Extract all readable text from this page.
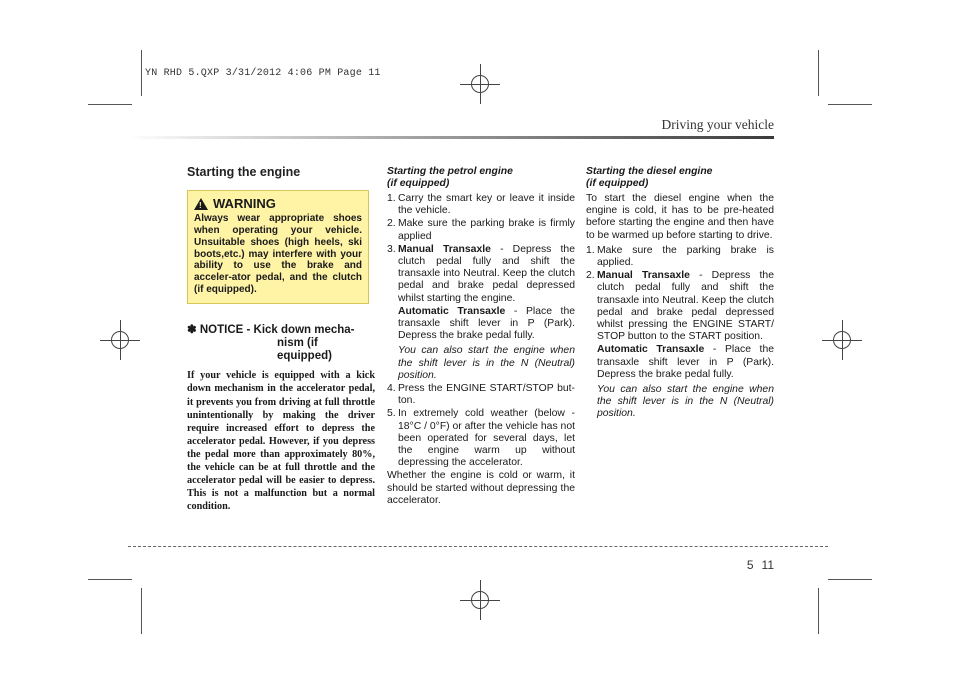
YN RHD 5.QXP 3/31/2012 4:06 PM Page 11
Driving your vehicle
Starting the engine
!
WARNING
Always wear appropriate shoes when operating your vehicle. Unsuitable shoes (high heels, ski boots,etc.) may interfere with your ability to use the brake and acceler-ator pedal, and the clutch (if equipped).
✽ NOTICE - Kick down mecha-
nism (if equipped)
If your vehicle is equipped with a kick down mechanism in the accelerator pedal, it prevents you from driving at full throttle unintentionally by making the driver require increased effort to depress the accelerator pedal. However, if you depress the pedal more than approximately 80%, the vehicle can be at full throttle and the accelerator pedal will be easier to depress. This is not a malfunction but a normal condition.
Starting the petrol engine
(if equipped)
1. Carry the smart key or leave it inside the vehicle.
2. Make sure the parking brake is firmly applied
3. Manual Transaxle - Depress the clutch pedal fully and shift the transaxle into Neutral. Keep the clutch pedal and brake pedal depressed whilst starting the engine.
Automatic Transaxle - Place the transaxle shift lever in P (Park). Depress the brake pedal fully.
You can also start the engine when the shift lever is in the N (Neutral) position.
4. Press the ENGINE START/STOP but-ton.
5. In extremely cold weather (below - 18°C / 0°F) or after the vehicle has not been operated for several days, let the engine warm up without depressing the accelerator.
Whether the engine is cold or warm, it should be started without depressing the accelerator.
Starting the diesel engine
(if equipped)
To start the diesel engine when the engine is cold, it has to be pre-heated before starting the engine and then have to be warmed up before starting to drive.
1. Make sure the parking brake is applied.
2. Manual Transaxle - Depress the clutch pedal fully and shift the transaxle into Neutral. Keep the clutch pedal and brake pedal depressed whilst pressing the ENGINE START/ STOP button to the START position.
Automatic Transaxle - Place the transaxle shift lever in P (Park). Depress the brake pedal fully.
You can also start the engine when the shift lever is in the N (Neutral) position.
5 11
